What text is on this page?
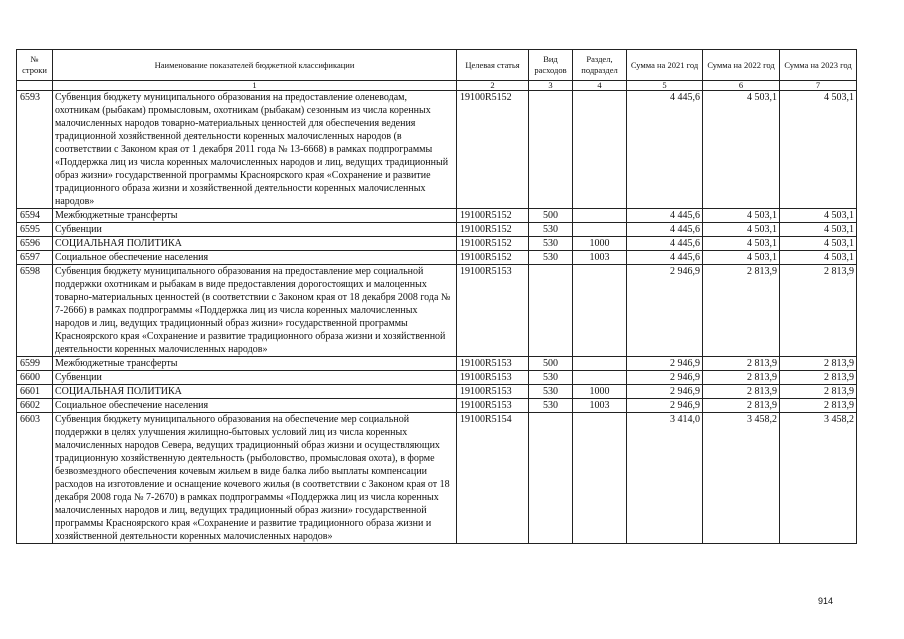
№ строки	Наименование показателей бюджетной классификации	Целевая статья	Вид расходов	Раздел, подраздел	Сумма на 2021 год	Сумма на 2022 год	Сумма на 2023 год
	1	2	3	4	5	6	7
6593	Субвенция бюджету муниципального образования на предоставление оленеводам, охотникам (рыбакам) промысловым, охотникам (рыбакам) сезонным из числа коренных малочисленных народов товарно-материальных ценностей для обеспечения ведения традиционной хозяйственной деятельности коренных малочисленных народов (в соответствии с Законом края от 1 декабря 2011 года № 13-6668) в рамках подпрограммы «Поддержка лиц из числа коренных малочисленных народов и лиц, ведущих традиционный образ жизни» государственной программы Красноярского края «Сохранение и развитие традиционного образа жизни и хозяйственной деятельности коренных малочисленных народов»	19100R5152			4 445,6	4 503,1	4 503,1
6594	Межбюджетные трансферты	19100R5152	500		4 445,6	4 503,1	4 503,1
6595	Субвенции	19100R5152	530		4 445,6	4 503,1	4 503,1
6596	СОЦИАЛЬНАЯ ПОЛИТИКА	19100R5152	530	1000	4 445,6	4 503,1	4 503,1
6597	Социальное обеспечение населения	19100R5152	530	1003	4 445,6	4 503,1	4 503,1
6598	Субвенция бюджету муниципального образования на предоставление мер социальной поддержки охотникам и рыбакам в виде предоставления дорогостоящих и малоценных товарно-материальных ценностей (в соответствии с Законом края от 18 декабря 2008 года № 7-2666) в рамках подпрограммы «Поддержка лиц из числа коренных малочисленных народов и лиц, ведущих традиционный образ жизни» государственной программы Красноярского края «Сохранение и развитие традиционного образа жизни и хозяйственной деятельности коренных малочисленных народов»	19100R5153			2 946,9	2 813,9	2 813,9
6599	Межбюджетные трансферты	19100R5153	500		2 946,9	2 813,9	2 813,9
6600	Субвенции	19100R5153	530		2 946,9	2 813,9	2 813,9
6601	СОЦИАЛЬНАЯ ПОЛИТИКА	19100R5153	530	1000	2 946,9	2 813,9	2 813,9
6602	Социальное обеспечение населения	19100R5153	530	1003	2 946,9	2 813,9	2 813,9
6603	Субвенция бюджету муниципального образования на обеспечение мер социальной поддержки в целях улучшения жилищно-бытовых условий лиц из числа коренных малочисленных народов Севера, ведущих традиционный образ жизни и осуществляющих традиционную хозяйственную деятельность (рыболовство, промысловая охота), в форме безвозмездного обеспечения кочевым жильем в виде балка либо выплаты компенсации расходов на изготовление и оснащение кочевого жилья (в соответствии с Законом края от 18 декабря 2008 года № 7-2670) в рамках подпрограммы «Поддержка лиц из числа коренных малочисленных народов и лиц, ведущих традиционный образ жизни» государственной программы Красноярского края «Сохранение и развитие традиционного образа жизни и хозяйственной деятельности коренных малочисленных народов»	19100R5154			3 414,0	3 458,2	3 458,2
914
